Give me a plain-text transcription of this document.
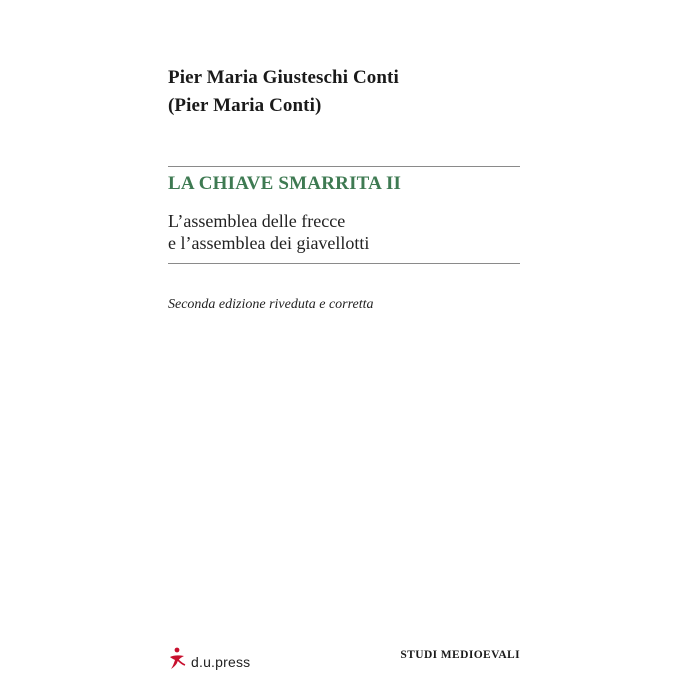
Pier Maria Giusteschi Conti
(Pier Maria Conti)
LA CHIAVE SMARRITA II
L’assemblea delle frecce
e l’assemblea dei giavellotti
Seconda edizione riveduta e corretta
d.u.press	STUDI MEDIOEVALI
